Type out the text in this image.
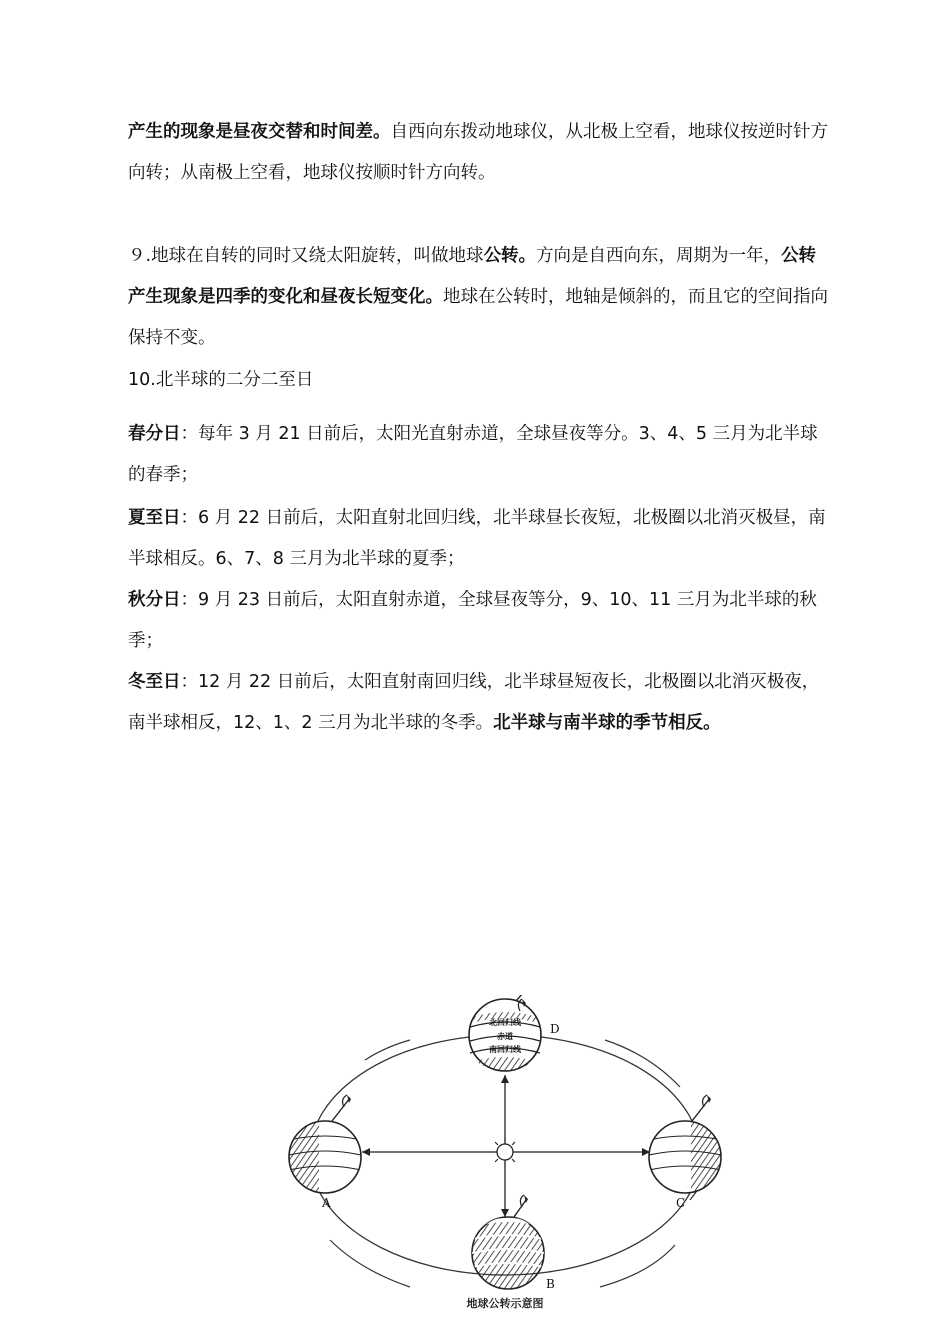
产生的现象是昼夜交替和时间差。自西向东拨动地球仪，从北极上空看，地球仪按逆时针方向转；从南极上空看，地球仪按顺时针方向转。

９.地球在自转的同时又绕太阳旋转，叫做地球公转。方向是自西向东，周期为一年，公转产生现象是四季的变化和昼夜长短变化。地球在公转时，地轴是倾斜的，而且它的空间指向保持不变。

10.北半球的二分二至日

春分日：每年 3 月 21 日前后，太阳光直射赤道，全球昼夜等分。3、4、5 三月为北半球的春季；

夏至日：6 月 22 日前后，太阳直射北回归线，北半球昼长夜短，北极圈以北消灭极昼，南半球相反。6、7、8 三月为北半球的夏季；

秋分日：9 月 23 日前后，太阳直射赤道，全球昼夜等分，9、10、11 三月为北半球的秋季；

冬至日：12 月 22 日前后，太阳直射南回归线，北半球昼短夜长，北极圈以北消灭极夜，南半球相反，12、1、2 三月为北半球的冬季。北半球与南半球的季节相反。

北回归线
赤道
南回归线
D
A	C
B
地球公转示意图
